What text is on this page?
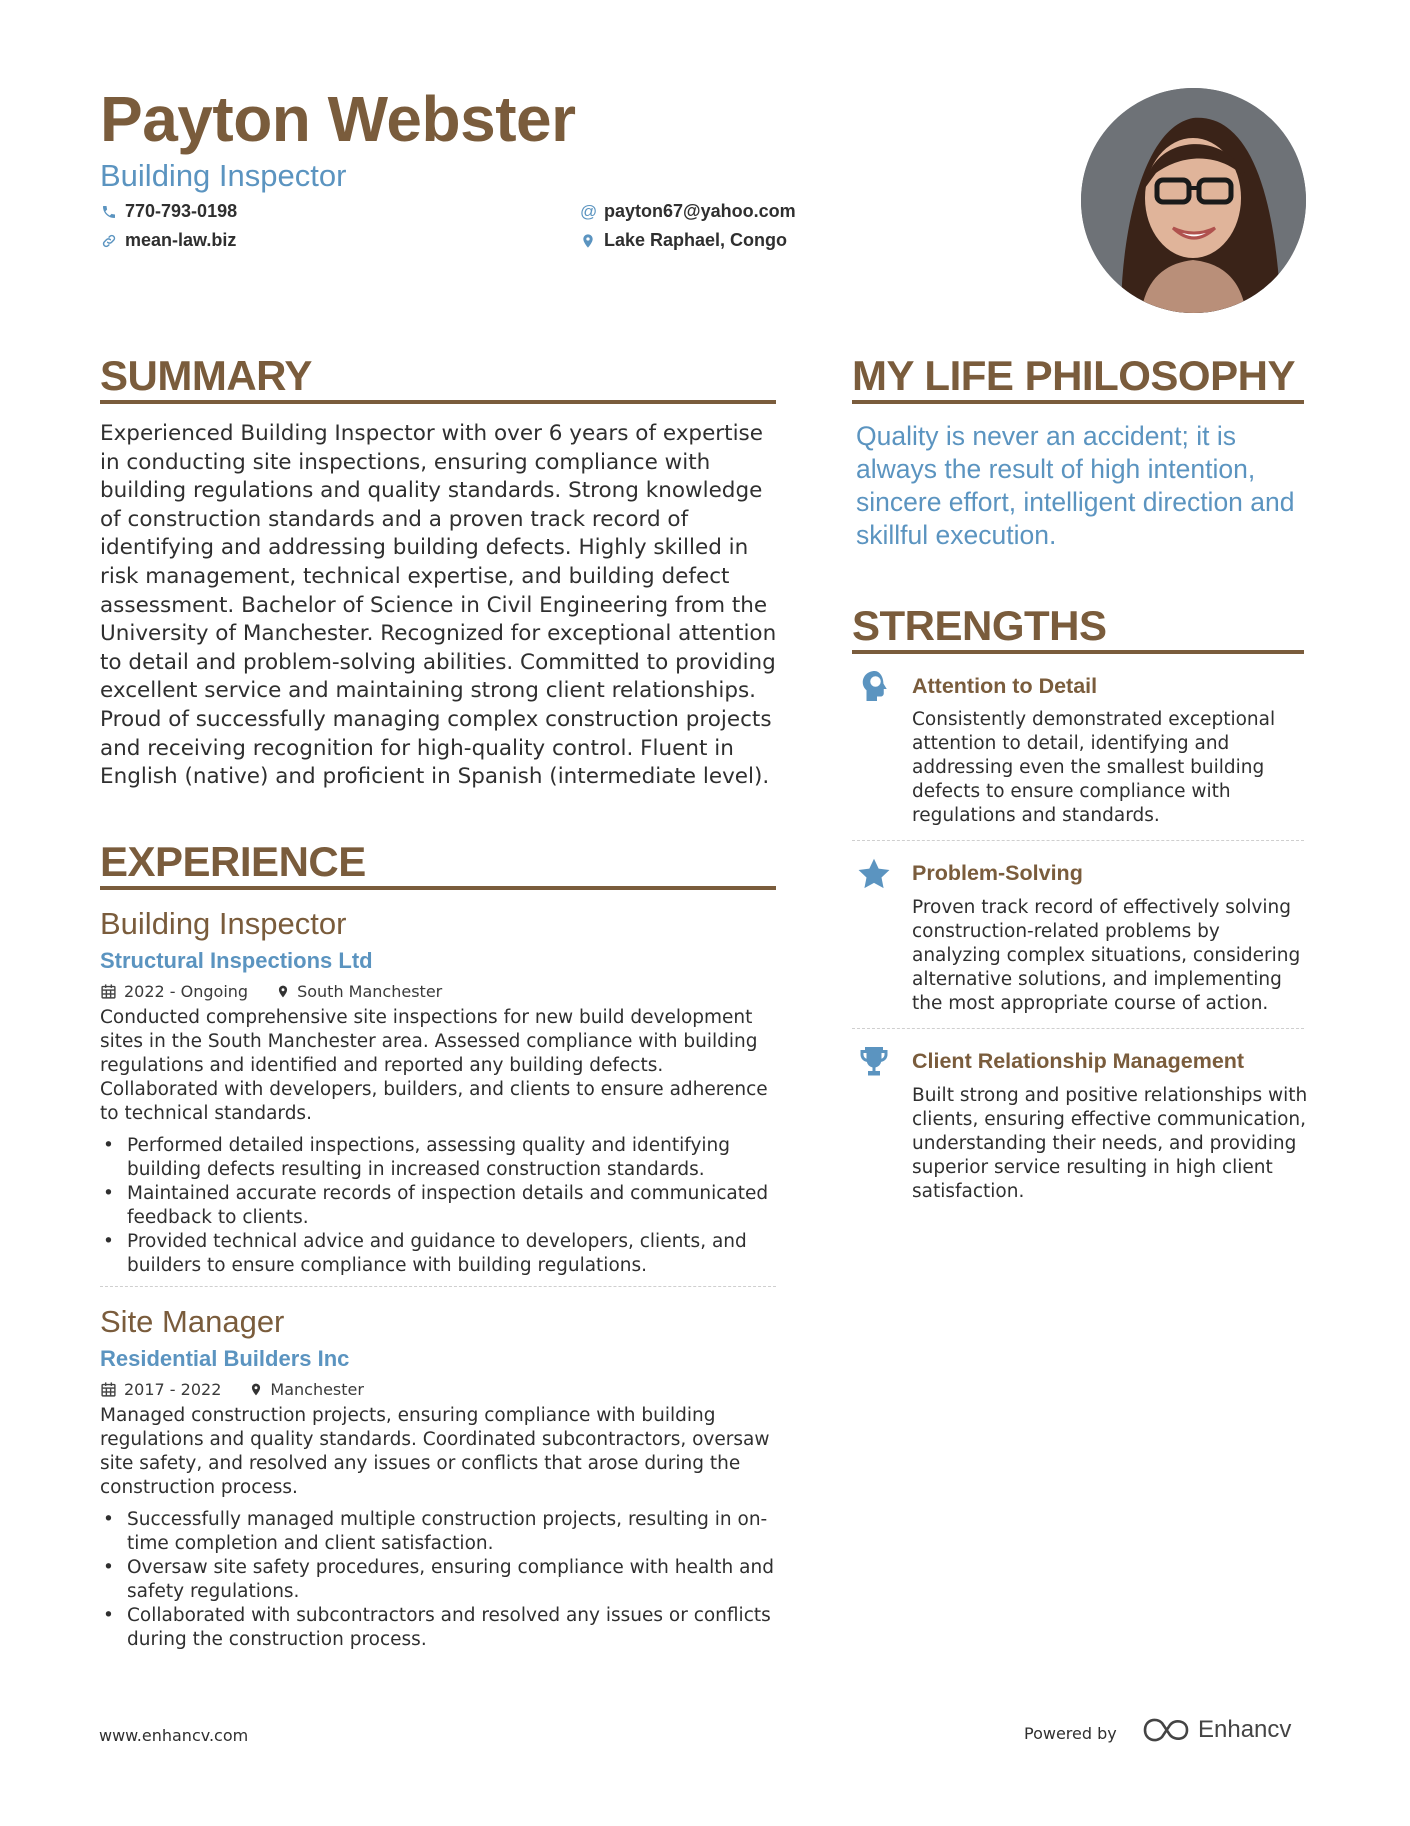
Payton Webster
Building Inspector
770-793-0198	@ payton67@yahoo.com
mean-law.biz	Lake Raphael, Congo
SUMMARY
Experienced Building Inspector with over 6 years of expertise in conducting site inspections, ensuring compliance with building regulations and quality standards. Strong knowledge of construction standards and a proven track record of identifying and addressing building defects. Highly skilled in risk management, technical expertise, and building defect assessment. Bachelor of Science in Civil Engineering from the University of Manchester. Recognized for exceptional attention to detail and problem-solving abilities. Committed to providing excellent service and maintaining strong client relationships. Proud of successfully managing complex construction projects and receiving recognition for high-quality control. Fluent in English (native) and proficient in Spanish (intermediate level).
EXPERIENCE
Building Inspector
Structural Inspections Ltd
2022 - Ongoing	South Manchester
Conducted comprehensive site inspections for new build development sites in the South Manchester area. Assessed compliance with building regulations and identified and reported any building defects. Collaborated with developers, builders, and clients to ensure adherence to technical standards.
• Performed detailed inspections, assessing quality and identifying building defects resulting in increased construction standards.
• Maintained accurate records of inspection details and communicated feedback to clients.
• Provided technical advice and guidance to developers, clients, and builders to ensure compliance with building regulations.
Site Manager
Residential Builders Inc
2017 - 2022	Manchester
Managed construction projects, ensuring compliance with building regulations and quality standards. Coordinated subcontractors, oversaw site safety, and resolved any issues or conflicts that arose during the construction process.
• Successfully managed multiple construction projects, resulting in on-time completion and client satisfaction.
• Oversaw site safety procedures, ensuring compliance with health and safety regulations.
• Collaborated with subcontractors and resolved any issues or conflicts during the construction process.
MY LIFE PHILOSOPHY
Quality is never an accident; it is always the result of high intention, sincere effort, intelligent direction and skillful execution.
STRENGTHS
Attention to Detail
Consistently demonstrated exceptional attention to detail, identifying and addressing even the smallest building defects to ensure compliance with regulations and standards.
Problem-Solving
Proven track record of effectively solving construction-related problems by analyzing complex situations, considering alternative solutions, and implementing the most appropriate course of action.
Client Relationship Management
Built strong and positive relationships with clients, ensuring effective communication, understanding their needs, and providing superior service resulting in high client satisfaction.
www.enhancv.com	Powered by	Enhancv
